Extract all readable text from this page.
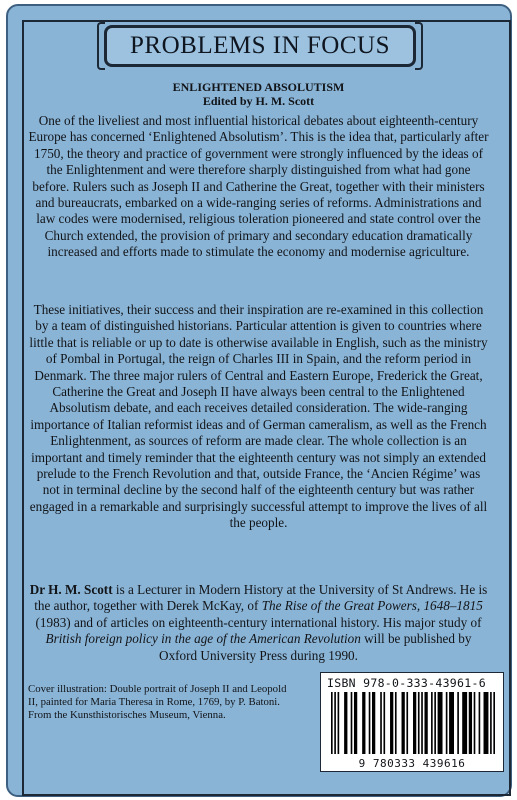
PROBLEMS IN FOCUS
ENLIGHTENED ABSOLUTISM
Edited by H. M. Scott
One of the liveliest and most influential historical debates about eighteenth-century Europe has concerned ‘Enlightened Absolutism’. This is the idea that, particularly after 1750, the theory and practice of government were strongly influenced by the ideas of the Enlightenment and were therefore sharply distinguished from what had gone before. Rulers such as Joseph II and Catherine the Great, together with their ministers and bureaucrats, embarked on a wide-ranging series of reforms. Administrations and law codes were modernised, religious toleration pioneered and state control over the Church extended, the provision of primary and secondary education dramatically increased and efforts made to stimulate the economy and modernise agriculture.
These initiatives, their success and their inspiration are re-examined in this collection by a team of distinguished historians. Particular attention is given to countries where little that is reliable or up to date is otherwise available in English, such as the ministry of Pombal in Portugal, the reign of Charles III in Spain, and the reform period in Denmark. The three major rulers of Central and Eastern Europe, Frederick the Great, Catherine the Great and Joseph II have always been central to the Enlightened Absolutism debate, and each receives detailed consideration. The wide-ranging importance of Italian reformist ideas and of German cameralism, as well as the French Enlightenment, as sources of reform are made clear. The whole collection is an important and timely reminder that the eighteenth century was not simply an extended prelude to the French Revolution and that, outside France, the ‘Ancien Régime’ was not in terminal decline by the second half of the eighteenth century but was rather engaged in a remarkable and surprisingly successful attempt to improve the lives of all the people.
Dr H. M. Scott is a Lecturer in Modern History at the University of St Andrews. He is the author, together with Derek McKay, of The Rise of the Great Powers, 1648–1815 (1983) and of articles on eighteenth-century international history. His major study of British foreign policy in the age of the American Revolution will be published by Oxford University Press during 1990.
Cover illustration: Double portrait of Joseph II and Leopold II, painted for Maria Theresa in Rome, 1769, by P. Batoni. From the Kunsthistorisches Museum, Vienna.
ISBN 978-0-333-43961-6
9 780333 439616
